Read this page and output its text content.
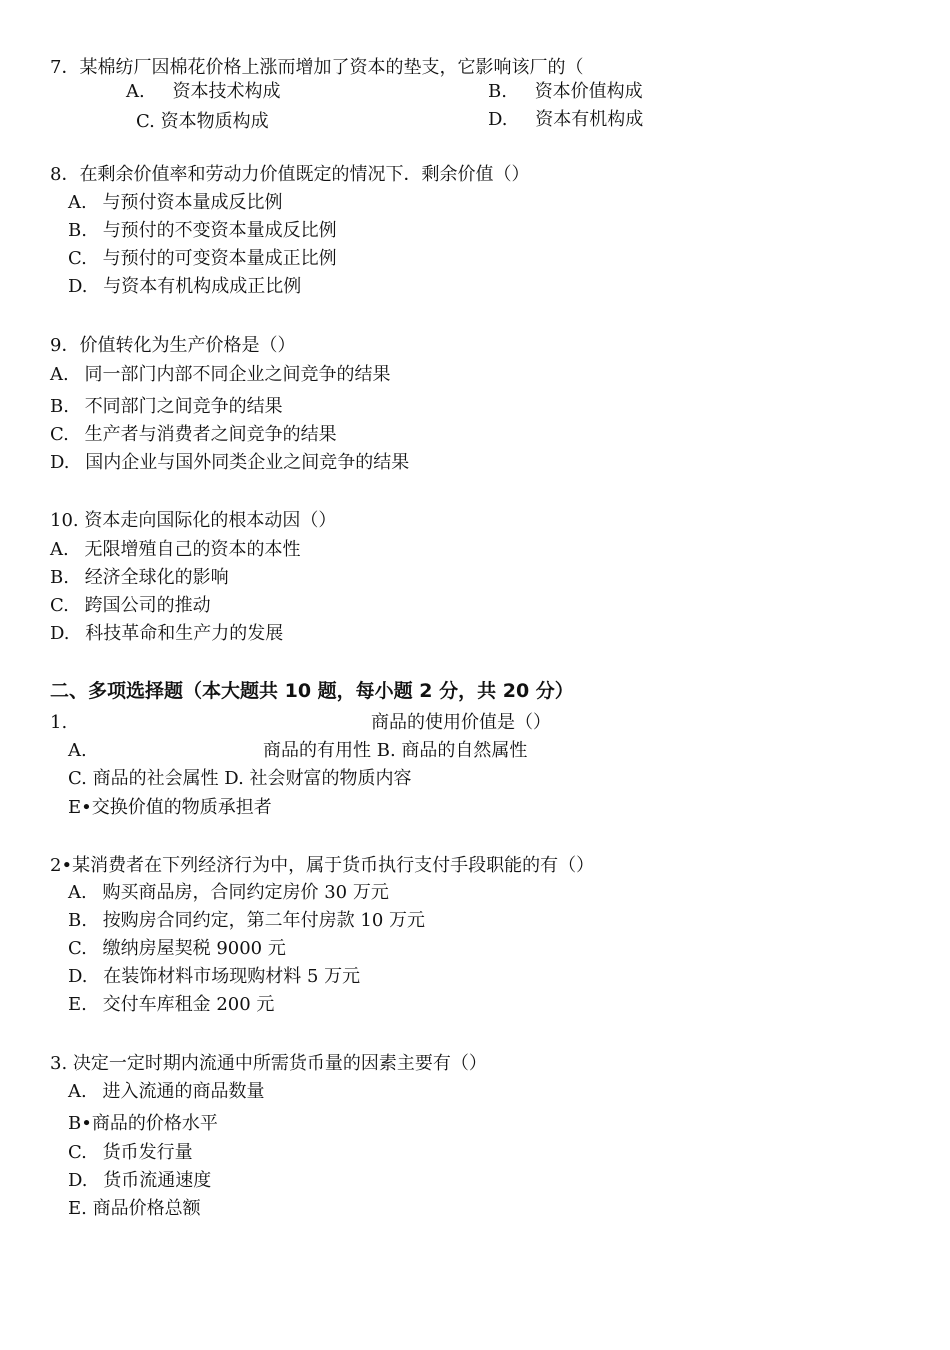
7．某棉纺厂因棉花价格上涨而增加了资本的垫支，它影响该厂的（
A. 资本技术构成	B. 资本价值构成
C. 资本物质构成	D. 资本有机构成
8．在剩余价值率和劳动力价值既定的情况下．剩余价值（）
A. 与预付资本量成反比例
B. 与预付的不变资本量成反比例
C. 与预付的可变资本量成正比例
D. 与资本有机构成成正比例
9．价值转化为生产价格是（）
A. 同一部门内部不同企业之间竞争的结果
B. 不同部门之间竞争的结果
C. 生产者与消费者之间竞争的结果
D. 国内企业与国外同类企业之间竞争的结果
10. 资本走向国际化的根本动因（）
A. 无限增殖自己的资本的本性
B. 经济全球化的影响
C. 跨国公司的推动
D. 科技革命和生产力的发展
二、多项选择题（本大题共 10 题，每小题 2 分，共 20 分）
1.	商品的使用价值是（）
A.	商品的有用性 B. 商品的自然属性
C. 商品的社会属性 D. 社会财富的物质内容
E•交换价值的物质承担者
2•某消费者在下列经济行为中，属于货币执行支付手段职能的有（）
A. 购买商品房，合同约定房价 30 万元
B. 按购房合同约定，第二年付房款 10 万元
C. 缴纳房屋契税 9000 元
D. 在装饰材料市场现购材料 5 万元
E. 交付车库租金 200 元
3. 决定一定时期内流通中所需货币量的因素主要有（）
A. 进入流通的商品数量
B•商品的价格水平
C. 货币发行量
D. 货币流通速度
E. 商品价格总额
